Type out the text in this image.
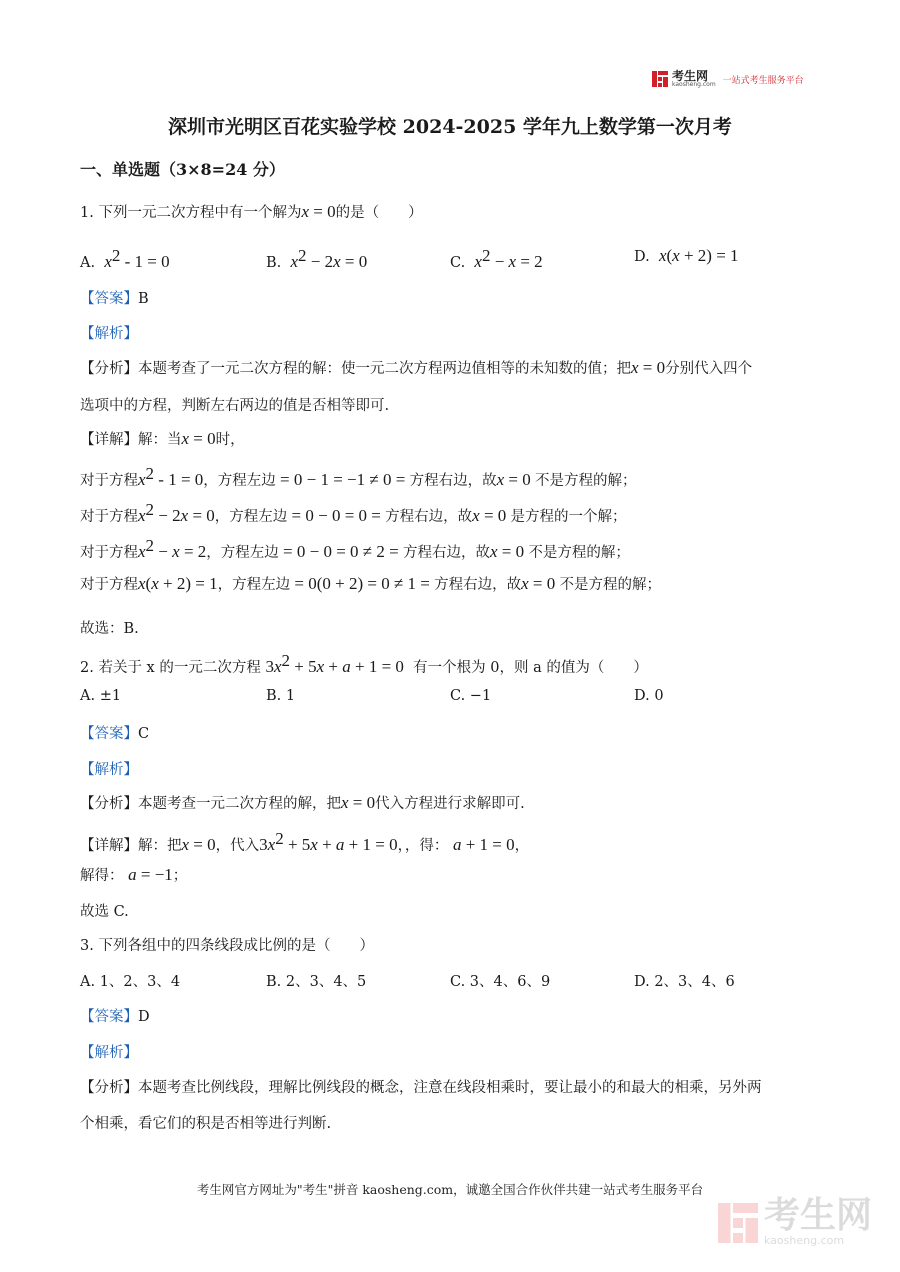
考生网
kaosheng.com 一站式考生服务平台
深圳市光明区百花实验学校 2024-2025 学年九上数学第一次月考
一、单选题（3×8=24 分）
1. 下列一元二次方程中有一个解为x = 0的是（　　）
A. $x^2 - 1 = 0$	B. $x^2 - 2x = 0$	C. $x^2 - x = 2$	D. x(x + 2) = 1
【答案】B
【解析】
【分析】本题考查了一元二次方程的解：使一元二次方程两边值相等的未知数的值；把x = 0分别代入四个
选项中的方程，判断左右两边的值是否相等即可.
【详解】解：当x = 0时，
对于方程$x^2 - 1 = 0$，方程左边 = 0 − 1 = −1 ≠ 0 = 方程右边，故x = 0 不是方程的解；
对于方程$x^2 - 2x = 0$，方程左边 = 0 − 0 = 0 = 方程右边，故x = 0 是方程的一个解；
对于方程$x^2 - x = 2$，方程左边 = 0 − 0 = 0 ≠ 2 = 方程右边，故x = 0 不是方程的解；
对于方程x(x + 2) = 1，方程左边 = 0(0 + 2) = 0 ≠ 1 = 方程右边，故x = 0 不是方程的解；
故选：B.
2. 若关于 x 的一元二次方程 $3x^2 + 5x + a + 1 = 0$ 有一个根为 0，则 a 的值为（　　）
A. ±1	B. 1	C. −1	D. 0
【答案】C
【解析】
【分析】本题考查一元二次方程的解，把x = 0代入方程进行求解即可.
【详解】解：把x = 0，代入$3x^2 + 5x + a + 1 = 0$，，得： a + 1 = 0，
解得： a = −1；
故选 C.
3. 下列各组中的四条线段成比例的是（　　）
A. 1、2、3、4	B. 2、3、4、5	C. 3、4、6、9	D. 2、3、4、6
【答案】D
【解析】
【分析】本题考查比例线段，理解比例线段的概念，注意在线段相乘时，要让最小的和最大的相乘，另外两
个相乘，看它们的积是否相等进行判断.
考生网官方网址为"考生"拼音 kaosheng.com，诚邀全国合作伙伴共建一站式考生服务平台
考生网
kaosheng.com
